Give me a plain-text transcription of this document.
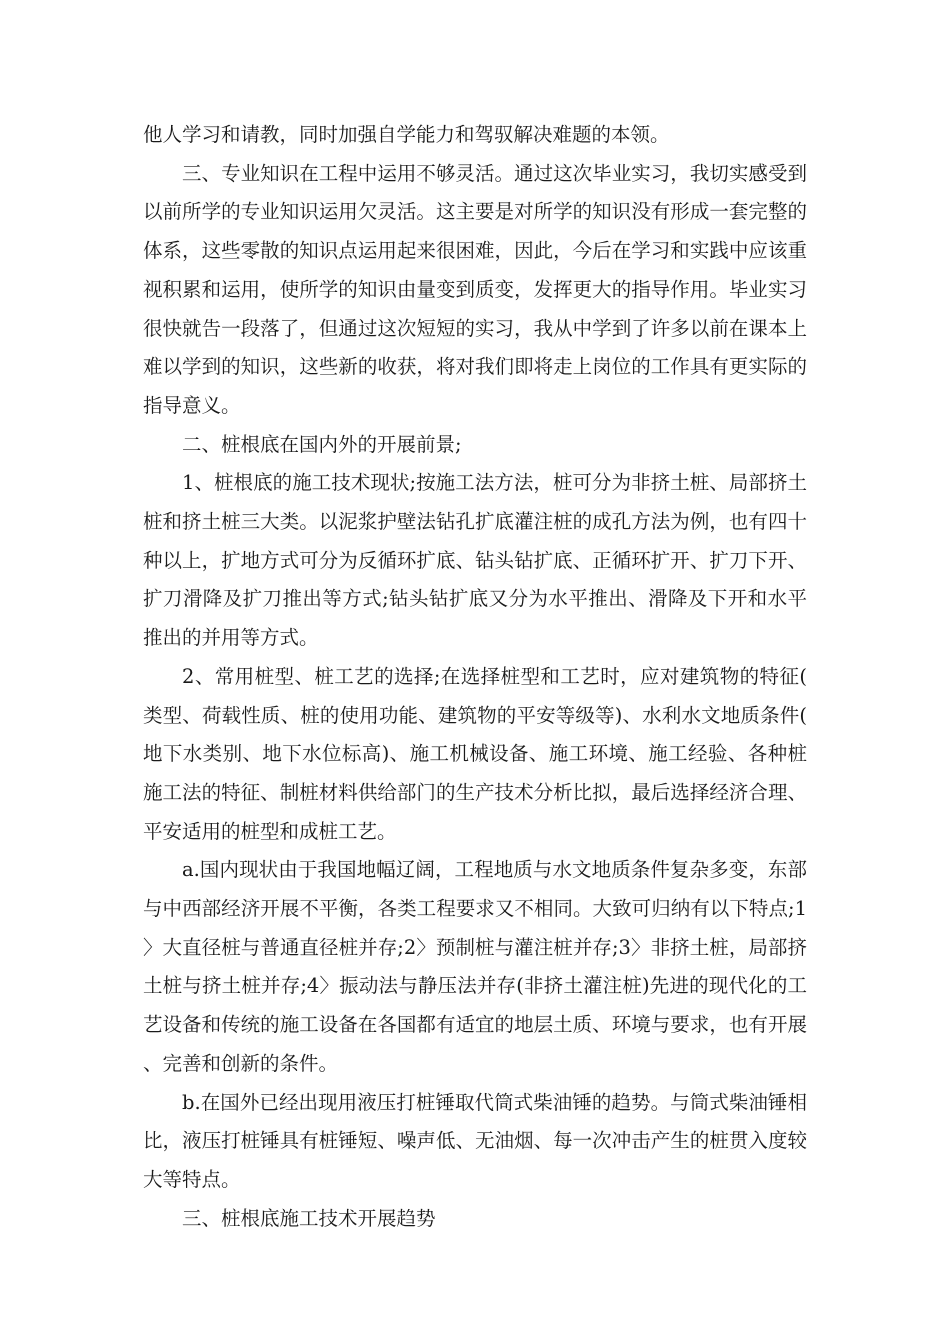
他人学习和请教，同时加强自学能力和驾驭解决难题的本领。

三、专业知识在工程中运用不够灵活。通过这次毕业实习，我切实感受到以前所学的专业知识运用欠灵活。这主要是对所学的知识没有形成一套完整的体系，这些零散的知识点运用起来很困难，因此，今后在学习和实践中应该重视积累和运用，使所学的知识由量变到质变，发挥更大的指导作用。毕业实习很快就告一段落了，但通过这次短短的实习，我从中学到了许多以前在课本上难以学到的知识，这些新的收获，将对我们即将走上岗位的工作具有更实际的指导意义。

二、桩根底在国内外的开展前景;

1、桩根底的施工技术现状;按施工法方法，桩可分为非挤土桩、局部挤土桩和挤土桩三大类。以泥浆护壁法钻孔扩底灌注桩的成孔方法为例，也有四十种以上，扩地方式可分为反循环扩底、钻头钻扩底、正循环扩开、扩刀下开、扩刀滑降及扩刀推出等方式;钻头钻扩底又分为水平推出、滑降及下开和水平推出的并用等方式。

2、常用桩型、桩工艺的选择;在选择桩型和工艺时，应对建筑物的特征(类型、荷载性质、桩的使用功能、建筑物的平安等级等)、水利水文地质条件(地下水类别、地下水位标高)、施工机械设备、施工环境、施工经验、各种桩施工法的特征、制桩材料供给部门的生产技术分析比拟，最后选择经济合理、平安适用的桩型和成桩工艺。

a.国内现状由于我国地幅辽阔，工程地质与水文地质条件复杂多变，东部与中西部经济开展不平衡，各类工程要求又不相同。大致可归纳有以下特点;1〉大直径桩与普通直径桩并存;2〉预制桩与灌注桩并存;3〉非挤土桩，局部挤土桩与挤土桩并存;4〉振动法与静压法并存(非挤土灌注桩)先进的现代化的工艺设备和传统的施工设备在各国都有适宜的地层土质、环境与要求，也有开展、完善和创新的条件。

b.在国外已经出现用液压打桩锤取代筒式柴油锤的趋势。与筒式柴油锤相比，液压打桩锤具有桩锤短、噪声低、无油烟、每一次冲击产生的桩贯入度较大等特点。

三、桩根底施工技术开展趋势
